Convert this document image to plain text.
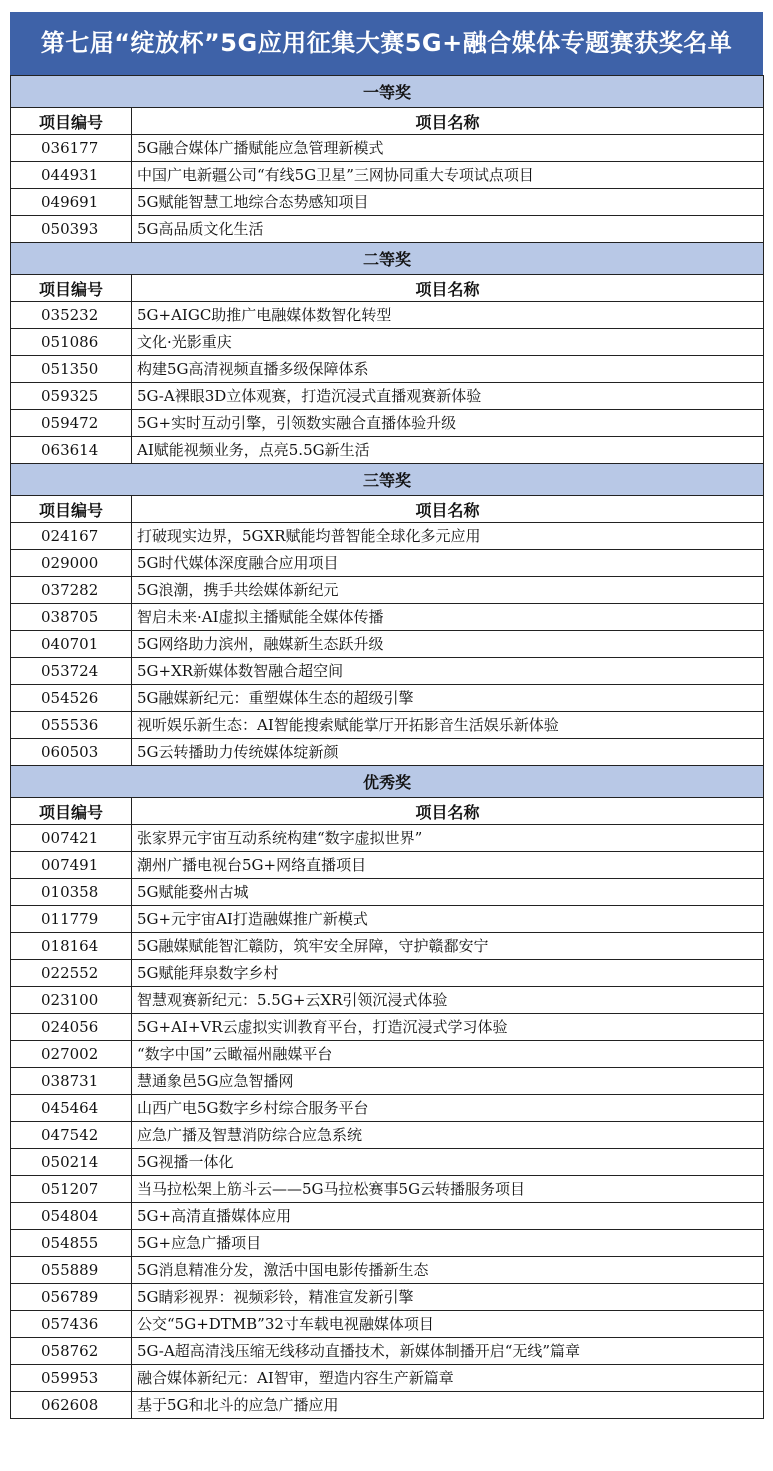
第七届“绽放杯”5G应用征集大赛5G+融合媒体专题赛获奖名单
一等奖	
项目编号	项目名称
036177	5G融合媒体广播赋能应急管理新模式
044931	中国广电新疆公司“有线5G卫星”三网协同重大专项试点项目
049691	5G赋能智慧工地综合态势感知项目
050393	5G高品质文化生活
二等奖	
项目编号	项目名称
035232	5G+AIGC助推广电融媒体数智化转型
051086	文化·光影重庆
051350	构建5G高清视频直播多级保障体系
059325	5G-A裸眼3D立体观赛，打造沉浸式直播观赛新体验
059472	5G+实时互动引擎，引领数实融合直播体验升级
063614	AI赋能视频业务，点亮5.5G新生活
三等奖	
项目编号	项目名称
024167	打破现实边界，5GXR赋能均普智能全球化多元应用
029000	5G时代媒体深度融合应用项目
037282	5G浪潮，携手共绘媒体新纪元
038705	智启未来·AI虚拟主播赋能全媒体传播
040701	5G网络助力滨州，融媒新生态跃升级
053724	5G+XR新媒体数智融合超空间
054526	5G融媒新纪元：重塑媒体生态的超级引擎
055536	视听娱乐新生态：AI智能搜索赋能掌厅开拓影音生活娱乐新体验
060503	5G云转播助力传统媒体绽新颜
优秀奖	
项目编号	项目名称
007421	张家界元宇宙互动系统构建“数字虚拟世界”
007491	潮州广播电视台5G+网络直播项目
010358	5G赋能婺州古城
011779	5G+元宇宙AI打造融媒推广新模式
018164	5G融媒赋能智汇赣防，筑牢安全屏障，守护赣鄱安宁
022552	5G赋能拜泉数字乡村
023100	智慧观赛新纪元：5.5G+云XR引领沉浸式体验
024056	5G+AI+VR云虚拟实训教育平台，打造沉浸式学习体验
027002	“数字中国”云瞰福州融媒平台
038731	慧通象邑5G应急智播网
045464	山西广电5G数字乡村综合服务平台
047542	应急广播及智慧消防综合应急系统
050214	5G视播一体化
051207	当马拉松架上筋斗云——5G马拉松赛事5G云转播服务项目
054804	5G+高清直播媒体应用
054855	5G+应急广播项目
055889	5G消息精准分发，激活中国电影传播新生态
056789	5G睛彩视界：视频彩铃，精准宣发新引擎
057436	公交“5G+DTMB”32寸车载电视融媒体项目
058762	5G-A超高清浅压缩无线移动直播技术，新媒体制播开启“无线”篇章
059953	融合媒体新纪元：AI智审，塑造内容生产新篇章
062608	基于5G和北斗的应急广播应用
